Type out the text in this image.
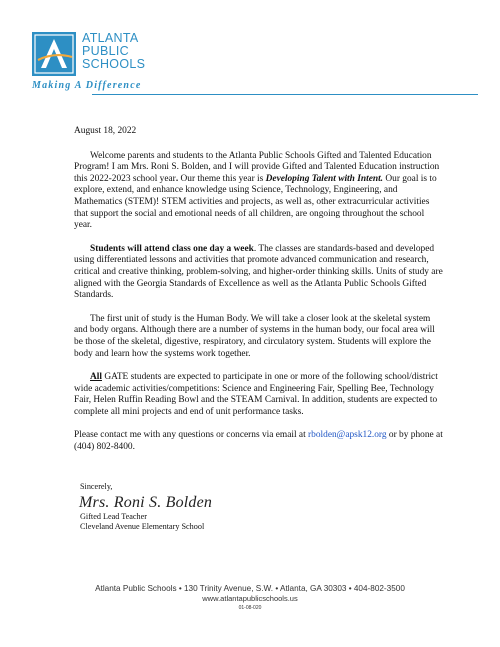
ATLANTA
PUBLIC
SCHOOLS
Making A Difference
August 18, 2022

Welcome parents and students to the Atlanta Public Schools Gifted and Talented Education Program! I am Mrs. Roni S. Bolden, and I will provide Gifted and Talented Education instruction this 2022-2023 school year. Our theme this year is Developing Talent with Intent. Our goal is to explore, extend, and enhance knowledge using Science, Technology, Engineering, and Mathematics (STEM)! STEM activities and projects, as well as, other extracurricular activities that support the social and emotional needs of all children, are ongoing throughout the school year.

Students will attend class one day a week. The classes are standards-based and developed using differentiated lessons and activities that promote advanced communication and research, critical and creative thinking, problem-solving, and higher-order thinking skills. Units of study are aligned with the Georgia Standards of Excellence as well as the Atlanta Public Schools Gifted Standards.

The first unit of study is the Human Body. We will take a closer look at the skeletal system and body organs. Although there are a number of systems in the human body, our focal area will be those of the skeletal, digestive, respiratory, and circulatory system. Students will explore the body and learn how the systems work together.

All GATE students are expected to participate in one or more of the following school/district wide academic activities/competitions: Science and Engineering Fair, Spelling Bee, Technology Fair, Helen Ruffin Reading Bowl and the STEAM Carnival. In addition, students are expected to complete all mini projects and end of unit performance tasks.

Please contact me with any questions or concerns via email at rbolden@apsk12.org or by phone at (404) 802-8400.

Sincerely,
Mrs. Roni S. Bolden
Gifted Lead Teacher
Cleveland Avenue Elementary School
Atlanta Public Schools • 130 Trinity Avenue, S.W. • Atlanta, GA 30303 • 404-802-3500
www.atlantapublicschools.us
01-08-020
